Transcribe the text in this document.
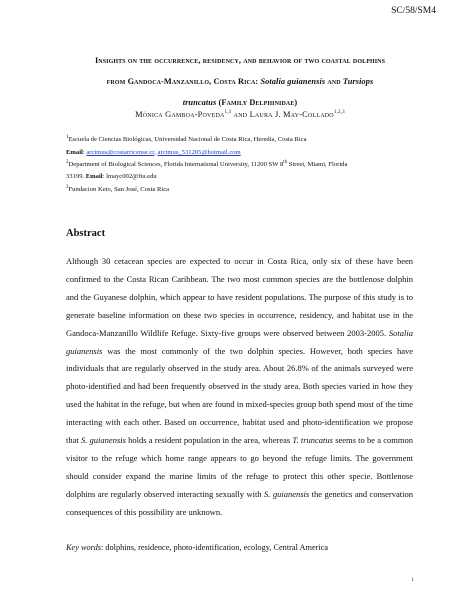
SC/58/SM4
Insights on the occurrence, residency, and behavior of two coastal dolphins
from Gandoca-Manzanillo, Costa Rica: Sotalia guianensis and Tursiops
truncatus (Family Delphinidae)
Mónica Gamboa-Poveda$^{1,3}$ and Laura J. May-Collado$^{1,2,3}$
$^1$Escuela de Ciencias Biológicas, Universidad Nacional de Costa Rica, Heredia, Costa Rica
Email: arcimus@costarricense.cr, arcimus_531205@hotmail.com
$^2$Department of Biological Sciences, Florida International University, 11200 SW 8th Street, Miami, Florida
33199. Email: lmayc002@fiu.edu
$^3$Fundacion Keto, San José, Costa Rica
Abstract
Although 30 cetacean species are expected to occur in Costa Rica, only six of these have been confirmed to the Costa Rican Caribbean. The two most common species are the bottlenose dolphin and the Guyanese dolphin, which appear to have resident populations. The purpose of this study is to generate baseline information on these two species in occurrence, residency, and habitat use in the Gandoca-Manzanillo Wildlife Refuge. Sixty-five groups were observed between 2003-2005. Sotalia guianensis was the most commonly of the two dolphin species. However, both species have individuals that are regularly observed in the study area. About 26.8% of the animals surveyed were photo-identified and had been frequently observed in the study area. Both species varied in how they used the habitat in the refuge, but when are found in mixed-species group both spend most of the time interacting with each other. Based on occurrence, habitat used and photo-identification we propose that S. guianensis holds a resident population in the area, whereas T. truncatus seems to be a common visitor to the refuge which home range appears to go beyond the refuge limits. The government should consider expand the marine limits of the refuge to protect this other specie. Bottlenose dolphins are regularly observed interacting sexually with S. guianensis the genetics and conservation consequences of this possibility are unknown.
Key words: dolphins, residence, photo-identification, ecology, Central America
1
